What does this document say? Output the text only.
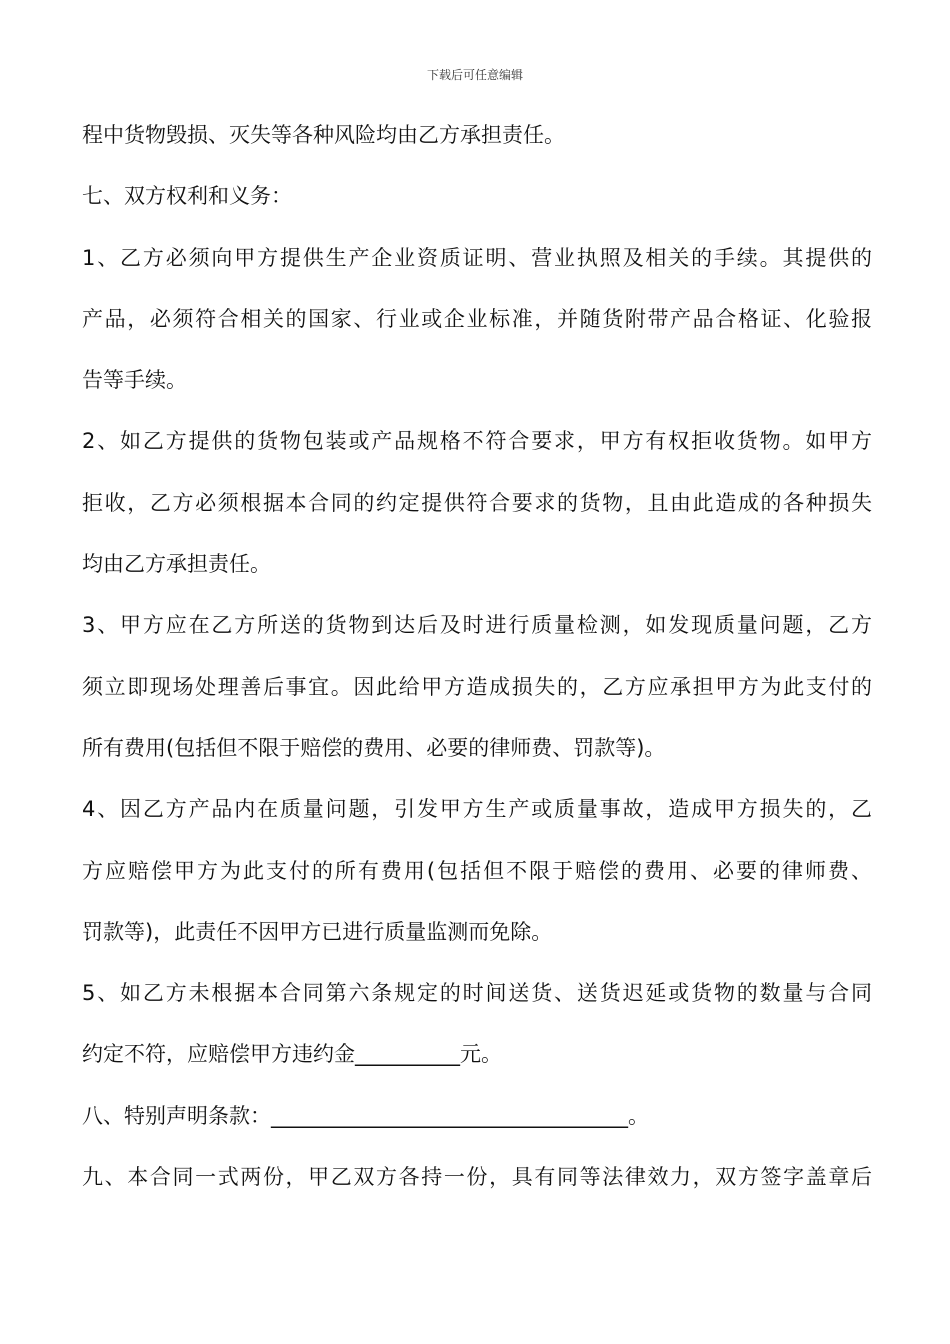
下载后可任意编辑
程中货物毁损、灭失等各种风险均由乙方承担责任。
七、双方权利和义务：
1、乙方必须向甲方提供生产企业资质证明、营业执照及相关的手续。其提供的
产品，必须符合相关的国家、行业或企业标准，并随货附带产品合格证、化验报
告等手续。
2、如乙方提供的货物包装或产品规格不符合要求，甲方有权拒收货物。如甲方
拒收，乙方必须根据本合同的约定提供符合要求的货物，且由此造成的各种损失
均由乙方承担责任。
3、甲方应在乙方所送的货物到达后及时进行质量检测，如发现质量问题，乙方
须立即现场处理善后事宜。因此给甲方造成损失的，乙方应承担甲方为此支付的
所有费用(包括但不限于赔偿的费用、必要的律师费、罚款等)。
4、因乙方产品内在质量问题，引发甲方生产或质量事故，造成甲方损失的，乙
方应赔偿甲方为此支付的所有费用(包括但不限于赔偿的费用、必要的律师费、
罚款等)，此责任不因甲方已进行质量监测而免除。
5、如乙方未根据本合同第六条规定的时间送货、送货迟延或货物的数量与合同
约定不符，应赔偿甲方违约金__________元。
八、特别声明条款：__________________________________。
九、本合同一式两份，甲乙双方各持一份，具有同等法律效力，双方签字盖章后
